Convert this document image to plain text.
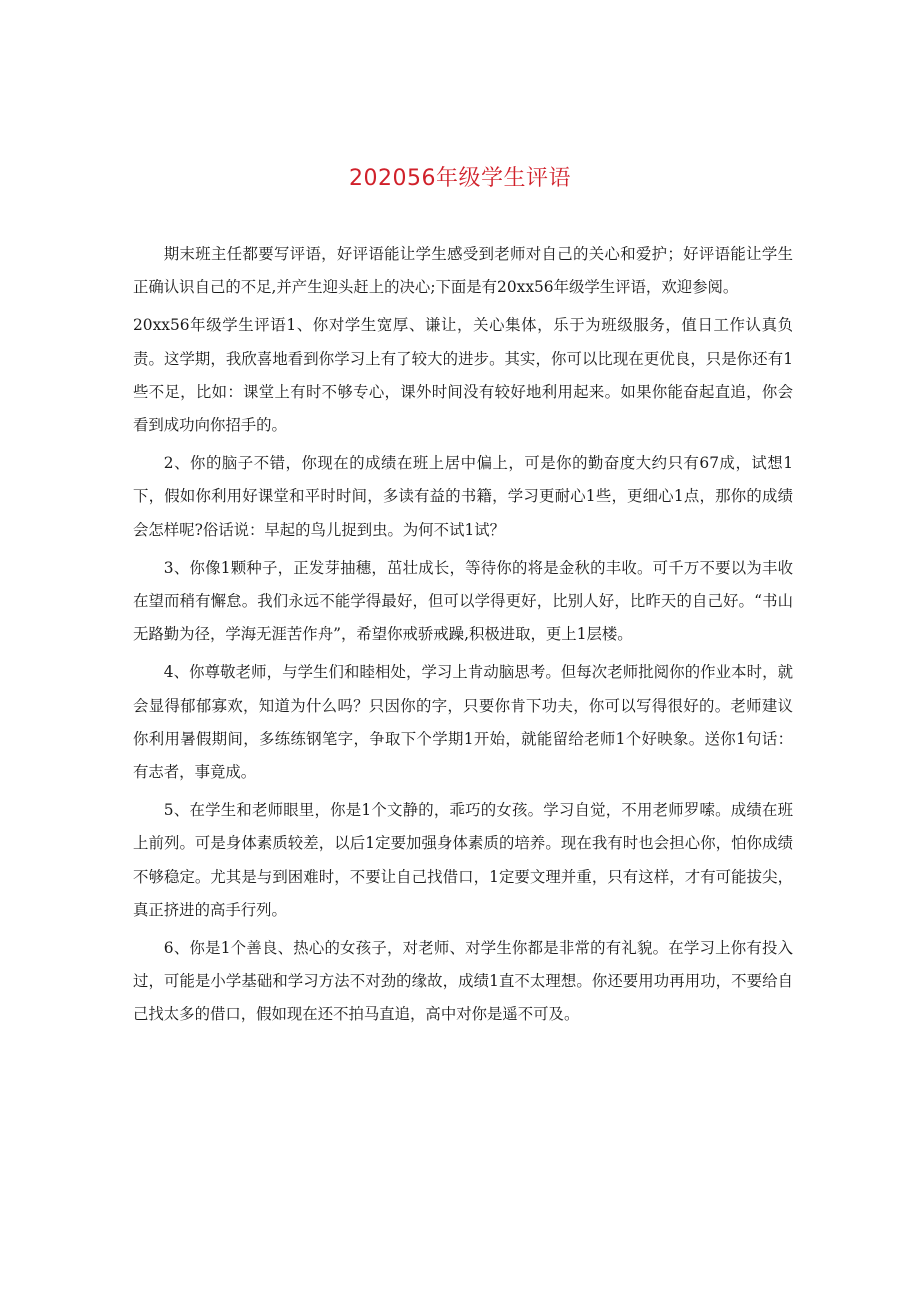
202056年级学生评语

期末班主任都要写评语，好评语能让学生感受到老师对自己的关心和爱护；好评语能让学生正确认识自己的不足,并产生迎头赶上的决心;下面是有20xx56年级学生评语，欢迎参阅。

20xx56年级学生评语1、你对学生宽厚、谦让，关心集体，乐于为班级服务，值日工作认真负责。这学期，我欣喜地看到你学习上有了较大的进步。其实，你可以比现在更优良，只是你还有1些不足，比如：课堂上有时不够专心，课外时间没有较好地利用起来。如果你能奋起直追，你会看到成功向你招手的。

2、你的脑子不错，你现在的成绩在班上居中偏上，可是你的勤奋度大约只有67成，试想1下，假如你利用好课堂和平时时间，多读有益的书籍，学习更耐心1些，更细心1点，那你的成绩会怎样呢?俗话说：早起的鸟儿捉到虫。为何不试1试？

3、你像1颗种子，正发芽抽穗，茁壮成长，等待你的将是金秋的丰收。可千万不要以为丰收在望而稍有懈怠。我们永远不能学得最好，但可以学得更好，比别人好，比昨天的自己好。“书山无路勤为径，学海无涯苦作舟”，希望你戒骄戒躁,积极进取，更上1层楼。

4、你尊敬老师，与学生们和睦相处，学习上肯动脑思考。但每次老师批阅你的作业本时，就会显得郁郁寡欢，知道为什么吗？只因你的字，只要你肯下功夫，你可以写得很好的。老师建议你利用暑假期间，多练练钢笔字，争取下个学期1开始，就能留给老师1个好映象。送你1句话：有志者，事竟成。

5、在学生和老师眼里，你是1个文静的，乖巧的女孩。学习自觉，不用老师罗嗦。成绩在班上前列。可是身体素质较差，以后1定要加强身体素质的培养。现在我有时也会担心你，怕你成绩不够稳定。尤其是与到困难时，不要让自己找借口，1定要文理并重，只有这样，才有可能拔尖，真正挤进的高手行列。

6、你是1个善良、热心的女孩子，对老师、对学生你都是非常的有礼貌。在学习上你有投入过，可能是小学基础和学习方法不对劲的缘故，成绩1直不太理想。你还要用功再用功，不要给自己找太多的借口，假如现在还不拍马直追，高中对你是遥不可及。
